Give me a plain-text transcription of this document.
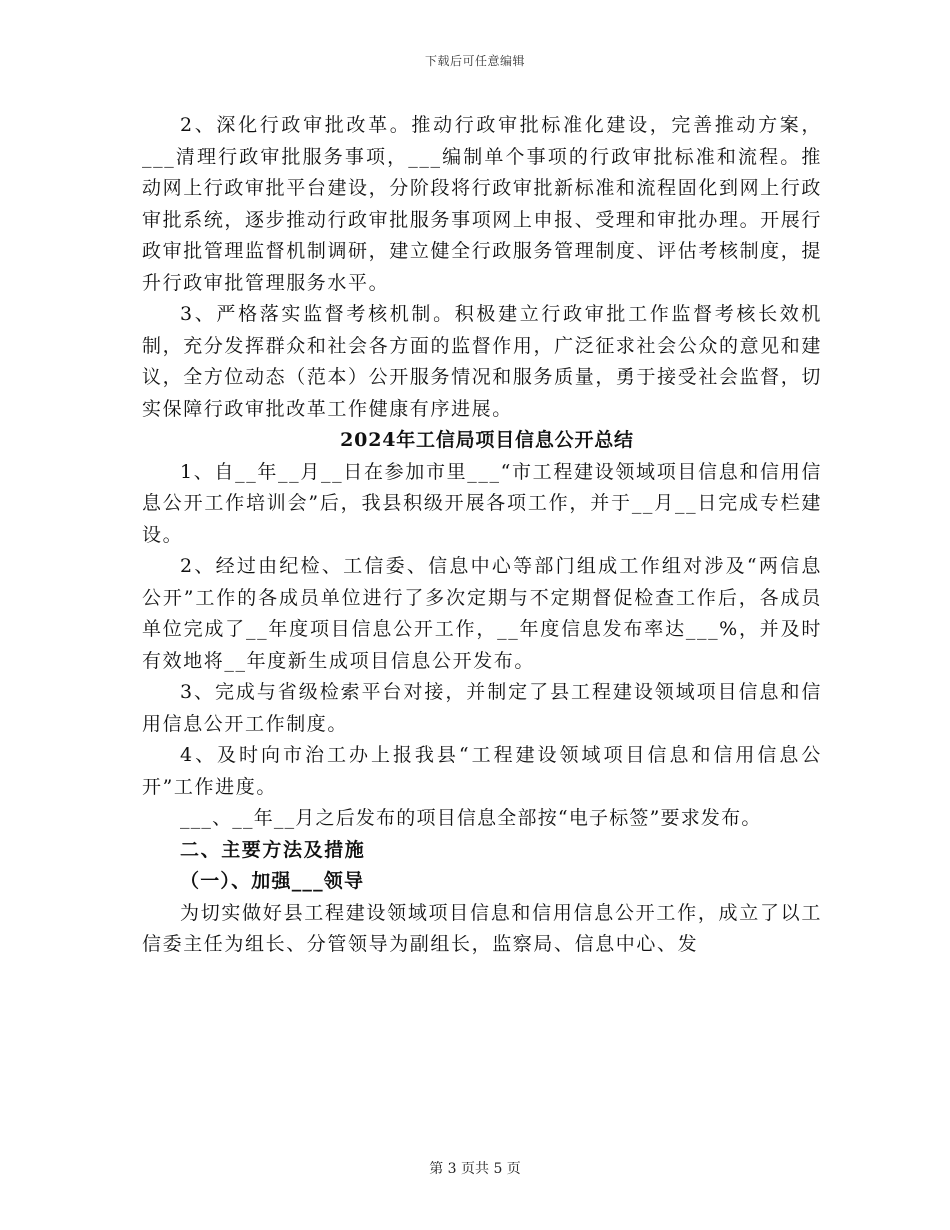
下载后可任意编辑

2、深化行政审批改革。推动行政审批标准化建设，完善推动方案，___清理行政审批服务事项，___编制单个事项的行政审批标准和流程。推动网上行政审批平台建设，分阶段将行政审批新标准和流程固化到网上行政审批系统，逐步推动行政审批服务事项网上申报、受理和审批办理。开展行政审批管理监督机制调研，建立健全行政服务管理制度、评估考核制度，提升行政审批管理服务水平。

3、严格落实监督考核机制。积极建立行政审批工作监督考核长效机制，充分发挥群众和社会各方面的监督作用，广泛征求社会公众的意见和建议，全方位动态（范本）公开服务情况和服务质量，勇于接受社会监督，切实保障行政审批改革工作健康有序进展。

2024年工信局项目信息公开总结

1、自__年__月__日在参加市里___“市工程建设领域项目信息和信用信息公开工作培训会”后，我县积级开展各项工作，并于__月__日完成专栏建设。

2、经过由纪检、工信委、信息中心等部门组成工作组对涉及“两信息公开”工作的各成员单位进行了多次定期与不定期督促检查工作后，各成员单位完成了__年度项目信息公开工作，__年度信息发布率达___%，并及时有效地将__年度新生成项目信息公开发布。

3、完成与省级检索平台对接，并制定了县工程建设领域项目信息和信用信息公开工作制度。

4、及时向市治工办上报我县“工程建设领域项目信息和信用信息公开”工作进度。

___、__年__月之后发布的项目信息全部按“电子标签”要求发布。

二、主要方法及措施

（一）、加强___领导

为切实做好县工程建设领域项目信息和信用信息公开工作，成立了以工信委主任为组长、分管领导为副组长，监察局、信息中心、发

第 3 页共 5 页
